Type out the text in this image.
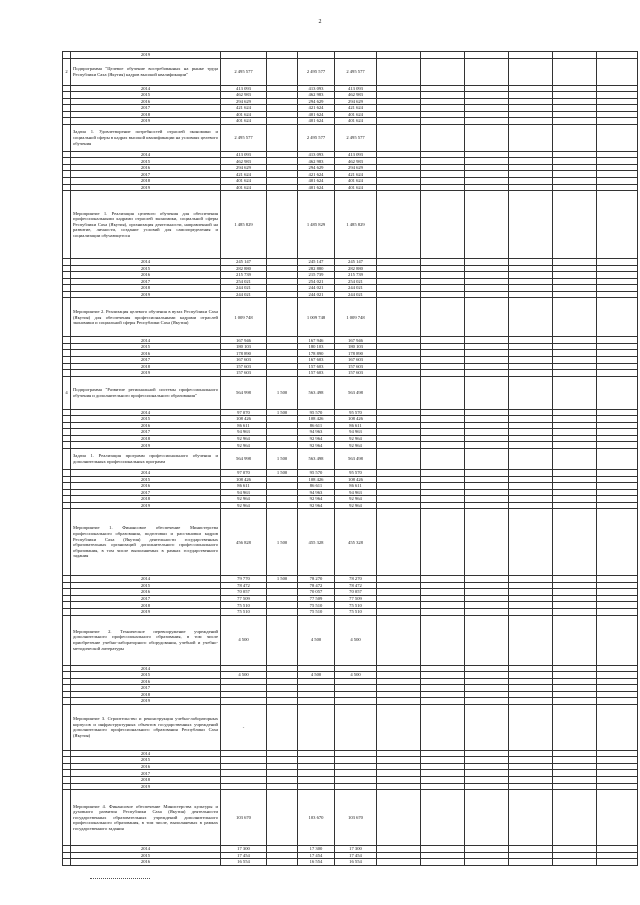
2
	2019										
2	Подпрограмма "Целевое обучение востребованных на рынке труда Республики Саха (Якутия) кадров высокой квалификации"	2 495 577		2 495 577	2 495 577						
	2014	413 093		413 093	413 093						
	2015	462 983		462 983	462 983						
	2016	294 629		294 629	294 629						
	2017	421 624		421 624	421 624						
	2018	401 624		401 624	401 624						
	2019	401 624		401 624	401 624						
	Задача 1. Удовлетворение потребностей отраслей экономики и социальной сферы в кадрах высокой квалификации на условиях целевого обучения	2 495 577		2 495 577	2 495 577						
	2014	413 093		413 093	413 093						
	2015	462 983		462 983	462 983						
	2016	294 629		294 629	294 629						
	2017	421 624		421 624	421 624						
	2018	401 624		401 624	401 624						
	2019	401 624		401 624	401 624						
	Мероприятие 1. Реализация целевого обучения для обеспечения профессиональными кадрами отраслей экономики, социальной сферы Республики Саха (Якутия), организация деятельности, направленной на развитие, личности, создание условий для самоопределения и социализации обучающегося	1 485 829		1 485 829	1 485 829						
	2014	245 147		245 147	245 147						
	2015	282 880		282 880	282 880						
	2016	215 739		215 739	215 739						
	2017	254 021		254 021	254 021						
	2018	244 021		244 021	244 021						
	2019	244 021		244 021	244 021						
	Мероприятие 2. Реализация целевого обучения в вузах Республики Саха (Якутия) для обеспечения профессиональными кадрами отраслей экономики и социальной сферы Республики Саха (Якутия)	1 009 748		1 009 748	1 009 748						
	2014	167 946		167 946	167 946						
	2015	180 103		180 103	180 103						
	2016	178 890		178 890	178 890						
	2017	167 603		167 603	167 603						
	2018	157 603		157 603	157 603						
	2019	157 603		157 603	157 603						
4	Подпрограмма "Развитие региональной системы профессионального обучения и дополнительного профессионального образования"	564 998	1 500	563 498	563 498						
	2014	97 070	1 500	95 570	95 570						
	2015	108 426		108 426	108 426						
	2016	86 611		86 611	86 611						
	2017	94 963		94 963	94 963						
	2018	92 964		92 964	92 964						
	2019	92 964		92 964	92 964						
	Задача 1. Реализация программ профессионального обучения и дополнительных профессиональных программ	564 998	1 500	563 498	563 498						
	2014	97 070	1 500	95 570	95 570						
	2015	108 426		108 426	108 426						
	2016	86 611		86 611	86 611						
	2017	94 963		94 963	94 963						
	2018	92 964		92 964	92 964						
	2019	92 964		92 964	92 964						
	Мероприятие 1. Финансовое обеспечение Министерства профессионального образования, подготовки и расстановки кадров Республики Саха (Якутия) деятельности государственных образовательных организаций дополнительного профессионального образования, в том числе выполняемых в рамках государственного задания	456 828	1 500	455 328	455 328						
	2014	79 770	1 500	78 270	78 270						
	2015	78 472		78 472	78 472						
	2016	70 057		70 057	70 057						
	2017	77 509		77 509	77 509						
	2018	75 510		75 510	75 510						
	2019	75 510		75 510	75 510						
	Мероприятие 2. Техническое перевооружение учреждений дополнительного профессионального образования, в том числе приобретение учебно-лабораторного оборудования, учебной и учебно-методической литературы	4 500		4 500	4 500						
	2014										
	2015	4 500		4 500	4 500						
	2016										
	2017										
	2018										
	2019										
	Мероприятие 3. Строительство и реконструкция учебно-лабораторных корпусов и инфраструктурных объектов государственных учреждений дополнительного профессионального образования Республики Саха (Якутия)	-									
	2014										
	2015										
	2016										
	2017										
	2018										
	2019										
	Мероприятие 4. Финансовое обеспечение Министерства культуры и духовного развития Республики Саха (Якутия) деятельности государственных образовательных учреждений дополнительного профессионального образования, в том числе, выполняемых в рамках государственного задания	103 670		103 670	103 670						
	2014	17 300		17 300	17 300						
	2015	17 454		17 454	17 454						
	2016	16 554		16 554	16 554						
